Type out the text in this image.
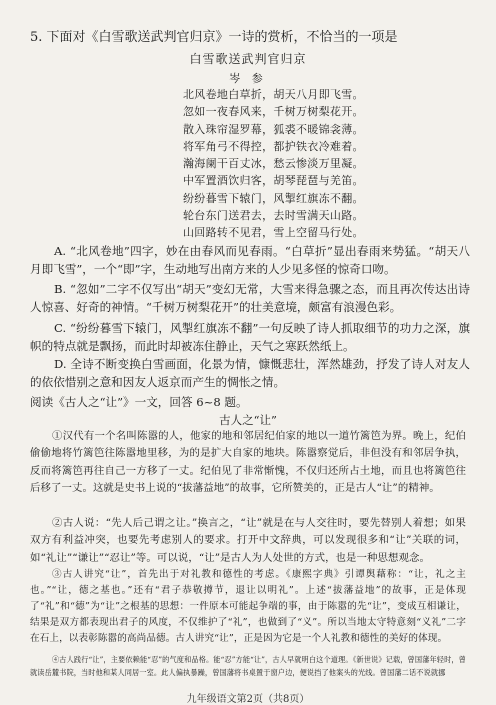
5. 下面对《白雪歌送武判官归京》一诗的赏析，不恰当的一项是
白雪歌送武判官归京
岑 参
北风卷地白草折，胡天八月即飞雪。
忽如一夜春风来，千树万树梨花开。
散入珠帘湿罗幕，狐裘不暖锦衾薄。
将军角弓不得控，都护铁衣冷难着。
瀚海阑干百丈冰，愁云惨淡万里凝。
中军置酒饮归客，胡琴琵琶与羌笛。
纷纷暮雪下辕门，风掣红旗冻不翻。
轮台东门送君去，去时雪满天山路。
山回路转不见君，雪上空留马行处。
A. “北风卷地”四字，妙在由春风而见春雨。“白草折”显出春雨来势猛。“胡天八月即飞雪”，一个“即”字，生动地写出南方来的人少见多怪的惊奇口吻。
B. “忽如”二字不仅写出“胡天”变幻无常，大雪来得急骤之态，而且再次传达出诗人惊喜、好奇的神情。“千树万树梨花开”的壮美意境，颇富有浪漫色彩。
C. “纷纷暮雪下辕门，风掣红旗冻不翻”一句反映了诗人抓取细节的功力之深，旗帜的特点就是飘扬，而此时却被冻住静止，天气之寒跃然纸上。
D. 全诗不断变换白雪画面，化景为情，慷慨悲壮，浑然雄劲，抒发了诗人对友人的依依惜别之意和因友人返京而产生的惆怅之情。
阅读《古人之“让”》一文，回答 6~8 题。
古人之“让”
①汉代有一个名叫陈嚣的人，他家的地和邻居纪伯家的地以一道竹篱笆为界。晚上，纪伯偷偷地将竹篱笆往陈嚣地里移，为的是扩大自家的地块。陈嚣察觉后，非但没有和邻居争执，反而将篱笆再往自己一方移了一丈。纪伯见了非常惭愧，不仅归还所占土地，而且也将篱笆往后移了一丈。这就是史书上说的“拔藩益地”的故事，它所赞美的，正是古人“让”的精神。
②古人说：“先人后己谓之让。”换言之，“让”就是在与人交往时，要先替别人着想；如果双方有利益冲突，也要先考虑别人的要求。打开中文辞典，可以发现很多和“让”关联的词，如“礼让”“谦让”“忍让”等。可以说，“让”是古人为人处世的方式，也是一种思想观念。
③古人讲究“让”，首先出于对礼教和德性的考虑。《康熙字典》引谭舆藉称：“让，礼之主也。”“让，德之基也。”还有“君子恭敬撙节，退让以明礼”。上述“拔藩益地”的故事，正是体现了“礼”和“德”为“让”之根基的思想：一件原本可能起争端的事，由于陈嚣的先“让”，变成互相谦让，结果是双方都表现出君子的风度，不仅维护了“礼”，也做到了“义”。所以当地太守特意刻“义礼”二字在石上，以表彰陈嚣的高尚品德。古人讲究“让”，正是因为它是一个人礼教和德性的美好的体现。
④古人践行“让”，主要依赖能“忍”的气度和品格。能“忍”方能“让”，古人早就明白这个道理。《新世说》记载，曾国藩年轻时，曾就读岳麓书院，当时他和某人同居一室。此人偏执暴躁，曾国藩将书桌置于窗户边，便说挡了他案头的光线。曾国藩二话不说就挪
九年级语文第2页（共8页）
